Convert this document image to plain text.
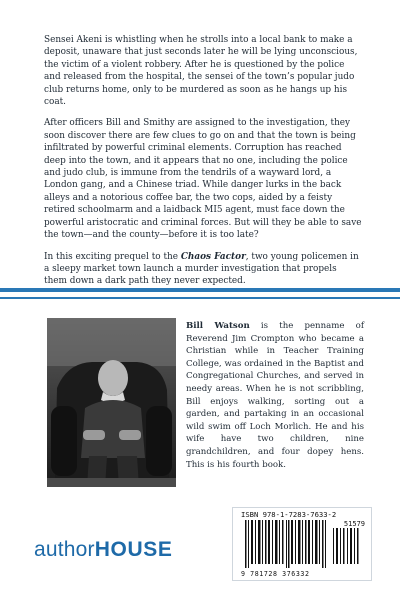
Sensei Akeni is whistling when he strolls into a local bank to make a deposit, unaware that just seconds later he will be lying unconscious, the victim of a violent robbery. After he is questioned by the police and released from the hospital, the sensei of the town’s popular judo club returns home, only to be murdered as soon as he hangs up his coat.

After officers Bill and Smithy are assigned to the investigation, they soon discover there are few clues to go on and that the town is being infiltrated by powerful criminal elements. Corruption has reached deep into the town, and it appears that no one, including the police and judo club, is immune from the tendrils of a wayward lord, a London gang, and a Chinese triad. While danger lurks in the back alleys and a notorious coffee bar, the two cops, aided by a feisty retired schoolmarm and a laidback MI5 agent, must face down the powerful aristocratic and criminal forces. But will they be able to save the town—and the county—before it is too late?

In this exciting prequel to the Chaos Factor, two young policemen in a sleepy market town launch a murder investigation that propels them down a dark path they never expected.

Bill Watson is the penname of Reverend Jim Crompton who became a Christian while in Teacher Training College, was ordained in the Baptist and Congregational Churches, and served in needy areas. When he is not scribbling, Bill enjoys walking, sorting out a garden, and partaking in an occasional wild swim off Loch Morlich. He and his wife have two children, nine grandchildren, and four dopey hens. This is his fourth book.
ISBN 978-1-7283-7633-2
51579
9 781728 376332
authorHOUSE
